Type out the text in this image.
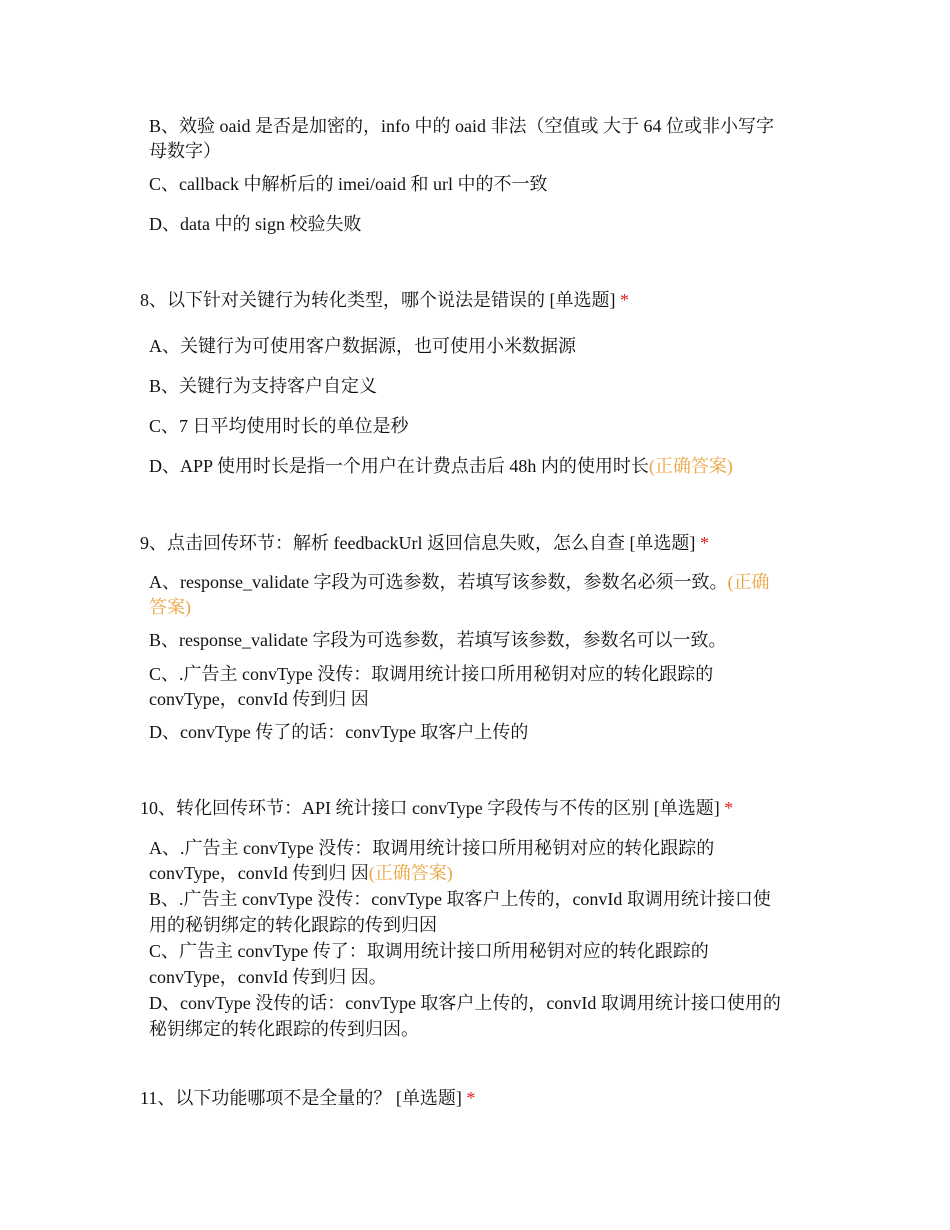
B、效验 oaid 是否是加密的，info 中的 oaid 非法（空值或 大于 64 位或非小写字
母数字）
C、callback 中解析后的 imei/oaid 和 url 中的不一致
D、data 中的 sign 校验失败
8、以下针对关键行为转化类型，哪个说法是错误的 [单选题] *
A、关键行为可使用客户数据源，也可使用小米数据源
B、关键行为支持客户自定义
C、7 日平均使用时长的单位是秒
D、APP 使用时长是指一个用户在计费点击后 48h 内的使用时长(正确答案)
9、点击回传环节：解析 feedbackUrl 返回信息失败，怎么自查 [单选题] *
A、response_validate 字段为可选参数，若填写该参数，参数名必须一致。(正确
答案)
B、response_validate 字段为可选参数，若填写该参数，参数名可以一致。
C、.广告主 convType 没传：取调用统计接口所用秘钥对应的转化跟踪的
convType，convId 传到归 因
D、convType 传了的话：convType 取客户上传的
10、转化回传环节：API 统计接口 convType 字段传与不传的区别 [单选题] *
A、.广告主 convType 没传：取调用统计接口所用秘钥对应的转化跟踪的
convType，convId 传到归 因(正确答案)
B、.广告主 convType 没传：convType 取客户上传的，convId 取调用统计接口使
用的秘钥绑定的转化跟踪的传到归因
C、广告主 convType 传了：取调用统计接口所用秘钥对应的转化跟踪的
convType，convId 传到归 因。
D、convType 没传的话：convType 取客户上传的，convId 取调用统计接口使用的
秘钥绑定的转化跟踪的传到归因。
11、以下功能哪项不是全量的？ [单选题] *
